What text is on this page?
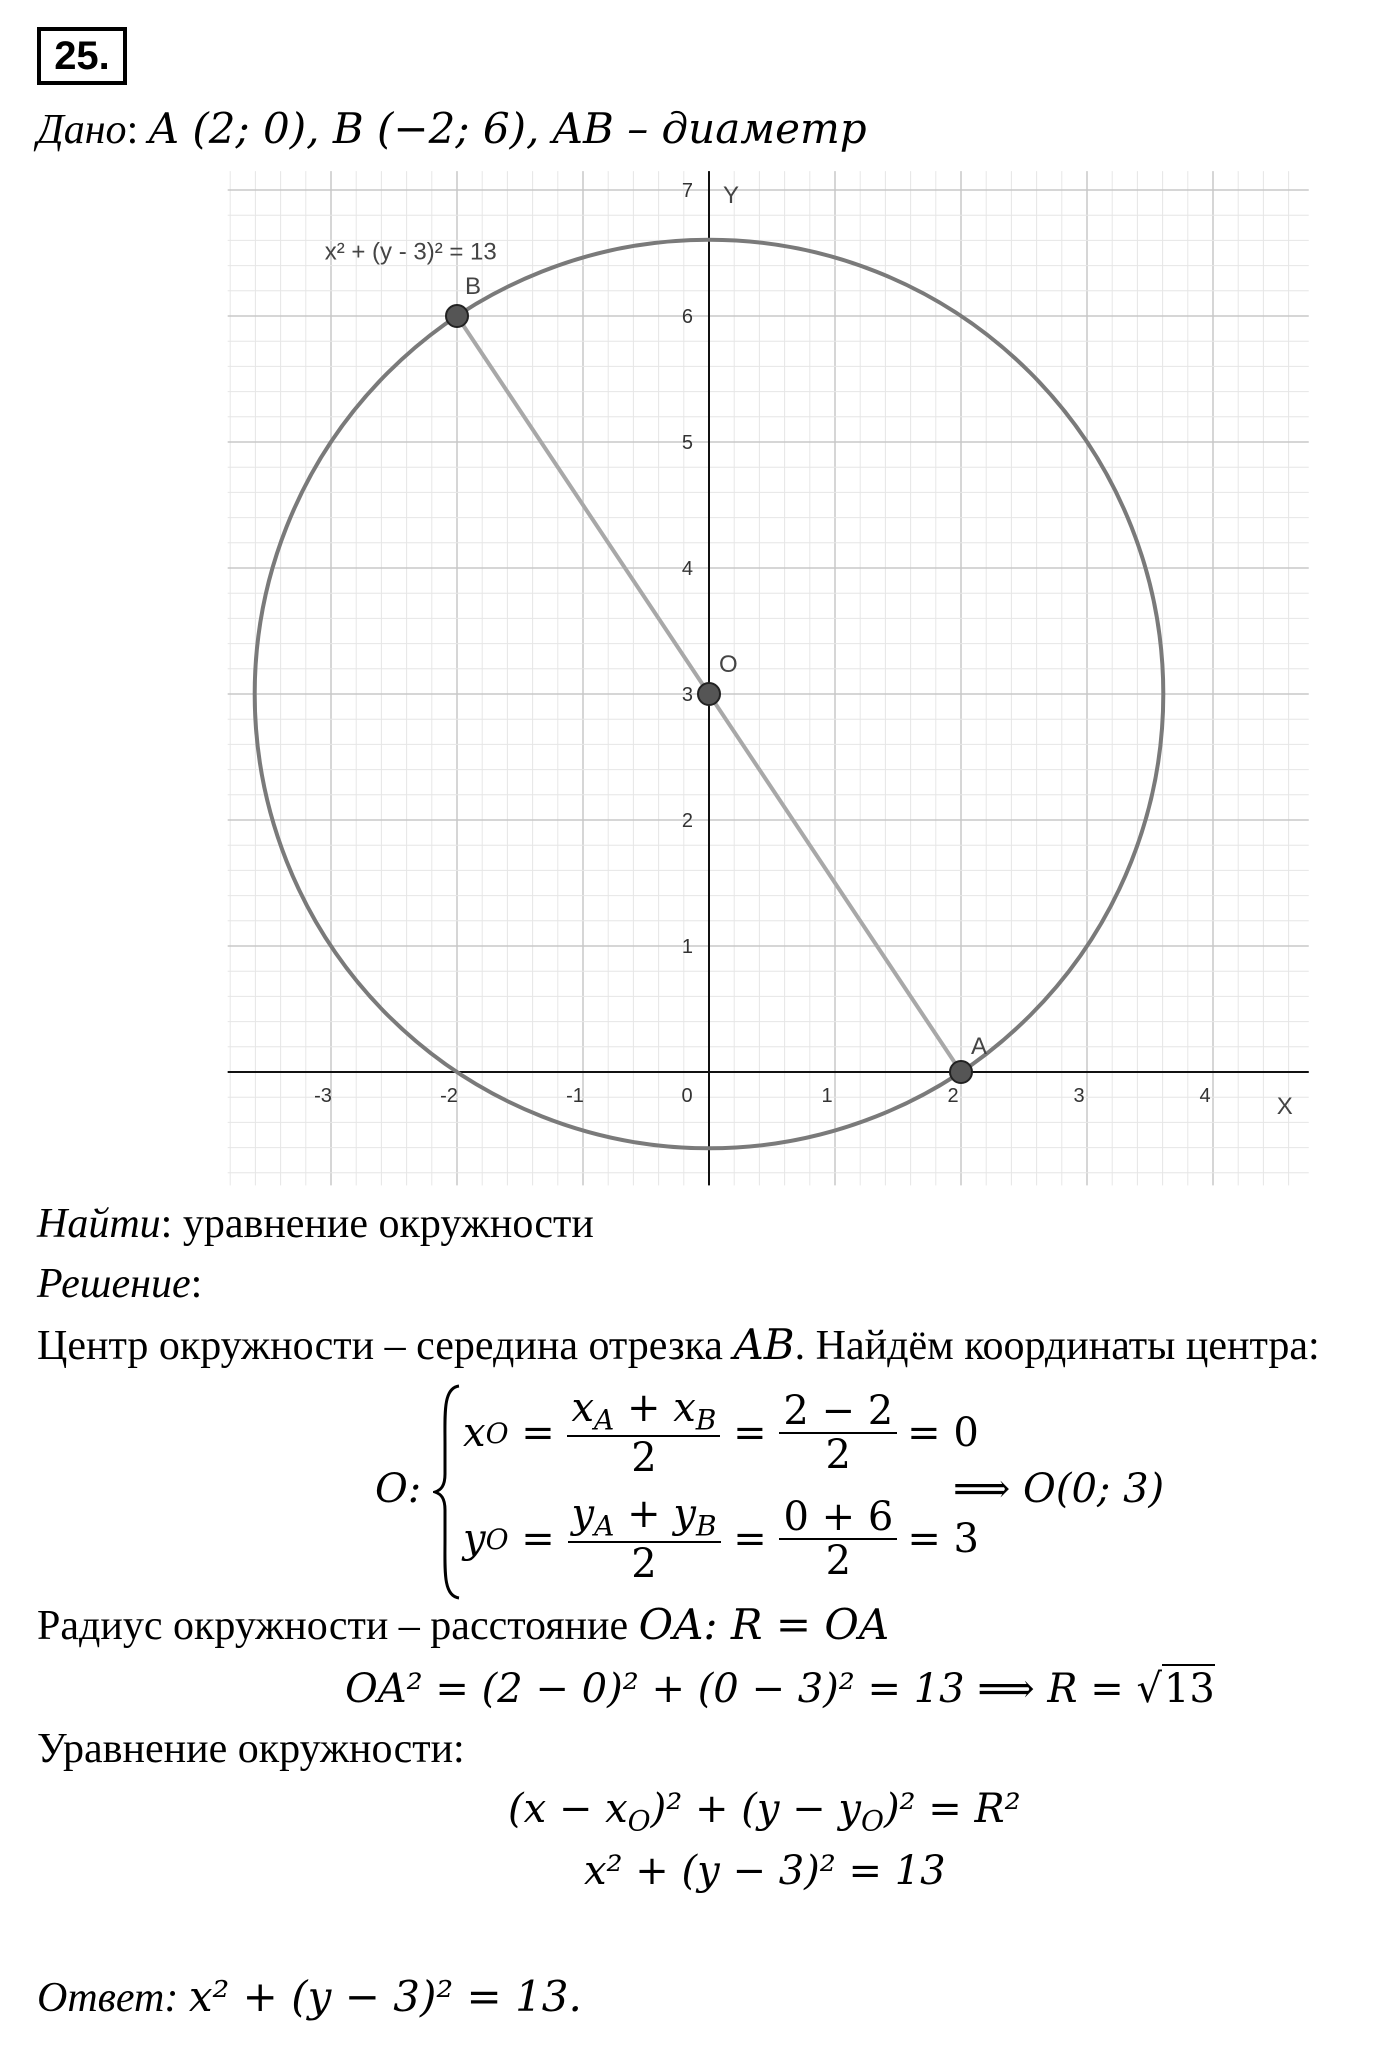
25.
Дано: A (2; 0), B (−2; 6), AB – диаметр
-3	-2	-1	0	1	2	3	4
1
2
3
4
5
6
7
X
Y
x² + (y - 3)² = 13
A
B
O
Найти: уравнение окружности
Решение:
Центр окружности – середина отрезка AB. Найдём координаты центра:
O:
x $O = \frac{x_A + x_B}{2} = \frac{2 - 2}{2} = 0$
y $O = \frac{y_A + y_B}{2} = \frac{0 + 6}{2} = 3$
⟹ O(0; 3)
Радиус окружности – расстояние OA: R = OA
OA² = (2 − 0)² + (0 − 3)² = 13 ⟹ R = √13
Уравнение окружности:
$(x - x_O)^2 + (y - y_O)^2 = R^2$
x² + (y − 3)² = 13
Ответ: x² + (y − 3)² = 13.
